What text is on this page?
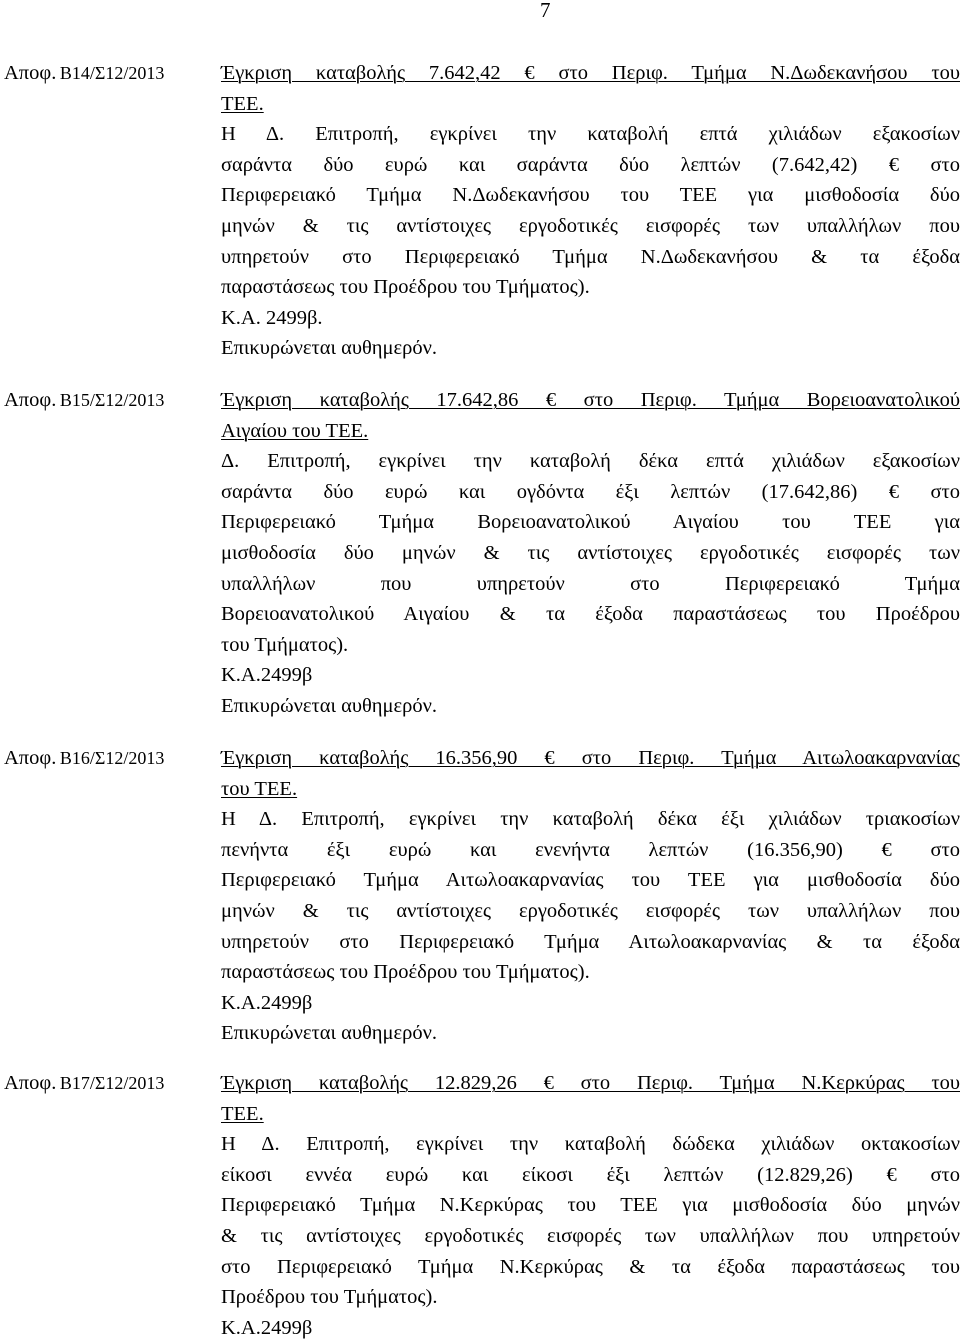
7
Αποφ. Β14/Σ12/2013	Έγκριση καταβολής 7.642,42 € στο Περιφ. Τμήμα Ν.Δωδεκανήσου του
ΤΕΕ.
Η Δ. Επιτροπή, εγκρίνει την καταβολή επτά χιλιάδων εξακοσίων
σαράντα δύο ευρώ και σαράντα δύο λεπτών (7.642,42) € στο
Περιφερειακό Τμήμα Ν.Δωδεκανήσου του ΤΕΕ για μισθοδοσία δύο
μηνών & τις αντίστοιχες εργοδοτικές εισφορές των υπαλλήλων που
υπηρετούν στο Περιφερειακό Τμήμα Ν.Δωδεκανήσου & τα έξοδα
παραστάσεως του Προέδρου του Τμήματος).
Κ.Α. 2499β.
Επικυρώνεται αυθημερόν.
Αποφ. Β15/Σ12/2013	Έγκριση καταβολής 17.642,86 € στο Περιφ. Τμήμα Βορειοανατολικού
Αιγαίου του ΤΕΕ.
Δ. Επιτροπή, εγκρίνει την καταβολή δέκα επτά χιλιάδων εξακοσίων
σαράντα δύο ευρώ και ογδόντα έξι λεπτών (17.642,86) € στο
Περιφερειακό Τμήμα Βορειοανατολικού Αιγαίου του ΤΕΕ για
μισθοδοσία δύο μηνών & τις αντίστοιχες εργοδοτικές εισφορές των
υπαλλήλων που υπηρετούν στο Περιφερειακό Τμήμα
Βορειοανατολικού Αιγαίου & τα έξοδα παραστάσεως του Προέδρου
του Τμήματος).
Κ.Α.2499β
Επικυρώνεται αυθημερόν.
Αποφ. Β16/Σ12/2013	Έγκριση καταβολής 16.356,90 € στο Περιφ. Τμήμα Αιτωλοακαρνανίας
του ΤΕΕ.
Η Δ. Επιτροπή, εγκρίνει την καταβολή δέκα έξι χιλιάδων τριακοσίων
πενήντα έξι ευρώ και ενενήντα λεπτών (16.356,90) € στο
Περιφερειακό Τμήμα Αιτωλοακαρνανίας του ΤΕΕ για μισθοδοσία δύο
μηνών & τις αντίστοιχες εργοδοτικές εισφορές των υπαλλήλων που
υπηρετούν στο Περιφερειακό Τμήμα Αιτωλοακαρνανίας & τα έξοδα
παραστάσεως του Προέδρου του Τμήματος).
Κ.Α.2499β
Επικυρώνεται αυθημερόν.
Αποφ. Β17/Σ12/2013	Έγκριση καταβολής 12.829,26 € στο Περιφ. Τμήμα Ν.Κερκύρας του
ΤΕΕ.
Η Δ. Επιτροπή, εγκρίνει την καταβολή δώδεκα χιλιάδων οκτακοσίων
είκοσι εννέα ευρώ και είκοσι έξι λεπτών (12.829,26) € στο
Περιφερειακό Τμήμα Ν.Κερκύρας του ΤΕΕ για μισθοδοσία δύο μηνών
& τις αντίστοιχες εργοδοτικές εισφορές των υπαλλήλων που υπηρετούν
στο Περιφερειακό Τμήμα Ν.Κερκύρας & τα έξοδα παραστάσεως του
Προέδρου του Τμήματος).
Κ.Α.2499β
